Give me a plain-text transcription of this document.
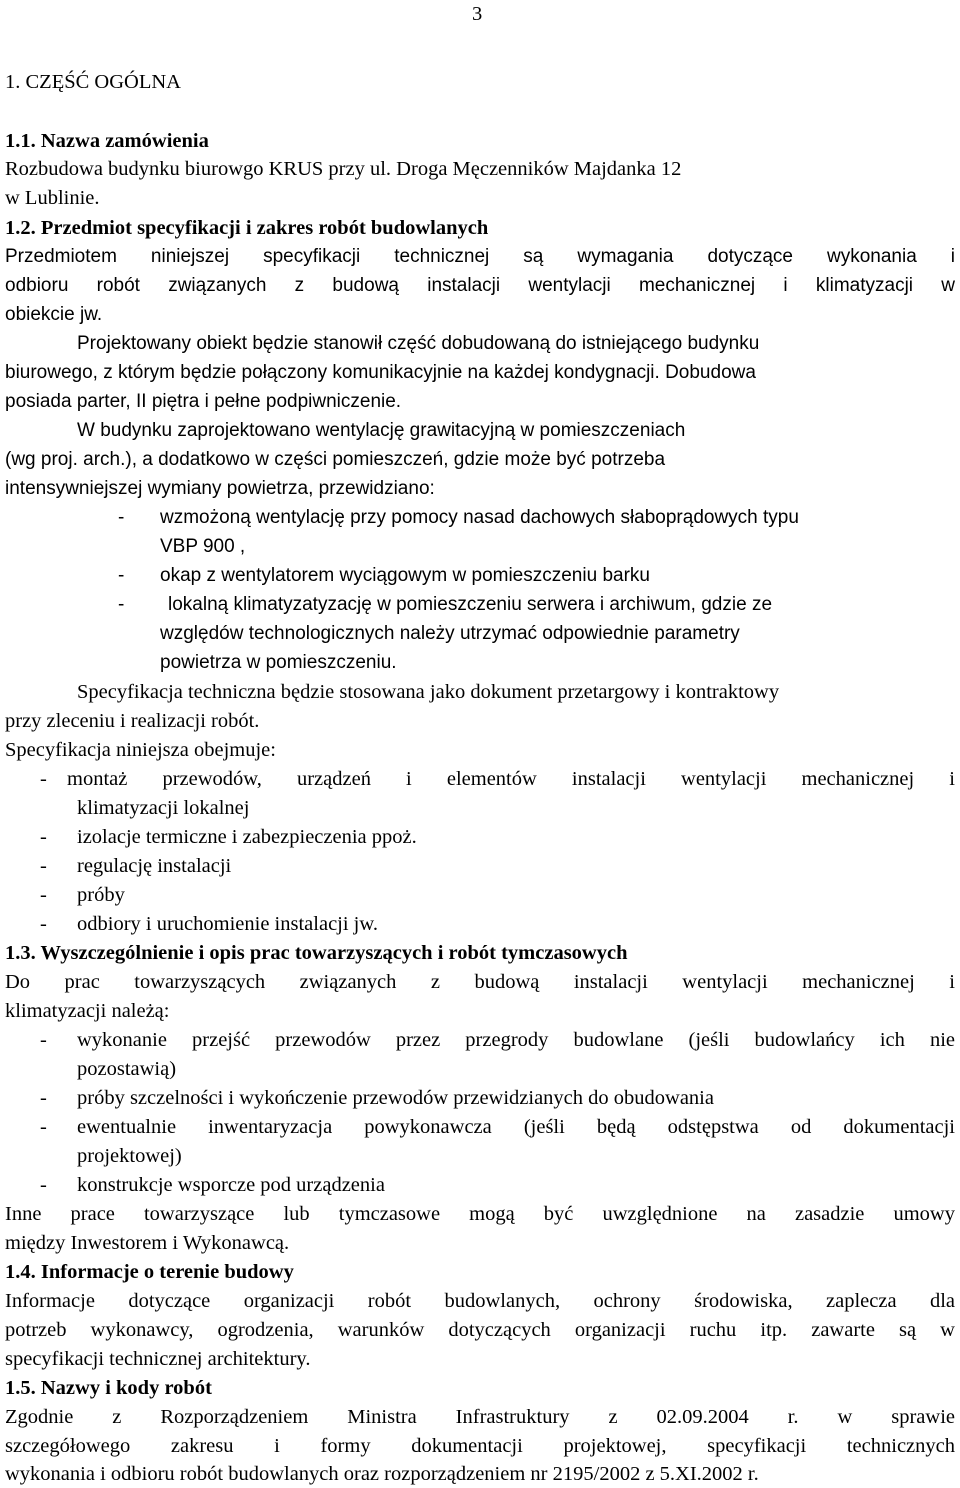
3
1. CZĘŚĆ OGÓLNA
1.1. Nazwa zamówienia
Rozbudowa budynku biurowgo KRUS przy ul. Droga Męczenników Majdanka 12
w Lublinie.
1.2. Przedmiot specyfikacji i zakres robót budowlanych
Przedmiotem niniejszej specyfikacji technicznej są wymagania dotyczące wykonania i
odbioru robót związanych z budową instalacji wentylacji mechanicznej i klimatyzacji w
obiekcie jw.
Projektowany obiekt będzie stanowił część dobudowaną do istniejącego budynku
biurowego, z którym będzie połączony komunikacyjnie na każdej kondygnacji. Dobudowa
posiada parter, II piętra i pełne podpiwniczenie.
W budynku zaprojektowano wentylację grawitacyjną w pomieszczeniach
(wg proj. arch.), a dodatkowo w części pomieszczeń, gdzie może być potrzeba
intensywniejszej wymiany powietrza, przewidziano:
-	wzmożoną wentylację przy pomocy nasad dachowych słaboprądowych typu
VBP 900 ,
-	okap z wentylatorem wyciągowym w pomieszczeniu barku
-	lokalną klimatyzatyzację w pomieszczeniu serwera i archiwum, gdzie ze
względów technologicznych należy utrzymać odpowiednie parametry
powietrza w pomieszczeniu.
Specyfikacja techniczna będzie stosowana jako dokument przetargowy i kontraktowy
przy zleceniu i realizacji robót.
Specyfikacja niniejsza obejmuje:
- montaż przewodów, urządzeń i elementów instalacji wentylacji mechanicznej i
klimatyzacji lokalnej
-	izolacje termiczne i zabezpieczenia ppoż.
-	regulację instalacji
-	próby
-	odbiory i uruchomienie instalacji jw.
1.3. Wyszczególnienie i opis prac towarzyszących i robót tymczasowych
Do prac towarzyszących związanych z budową instalacji wentylacji mechanicznej i
klimatyzacji należą:
-	wykonanie przejść przewodów przez przegrody budowlane (jeśli budowlańcy ich nie
pozostawią)
-	próby szczelności i wykończenie przewodów przewidzianych do obudowania
-	ewentualnie inwentaryzacja powykonawcza (jeśli będą odstępstwa od dokumentacji
projektowej)
-	konstrukcje wsporcze pod urządzenia
Inne prace towarzyszące lub tymczasowe mogą być uwzględnione na zasadzie umowy
między Inwestorem i Wykonawcą.
1.4. Informacje o terenie budowy
Informacje dotyczące organizacji robót budowlanych, ochrony środowiska, zaplecza dla
potrzeb wykonawcy, ogrodzenia, warunków dotyczących organizacji ruchu itp. zawarte są w
specyfikacji technicznej architektury.
1.5. Nazwy i kody robót
Zgodnie z Rozporządzeniem Ministra Infrastruktury z 02.09.2004 r. w sprawie
szczegółowego zakresu i formy dokumentacji projektowej, specyfikacji technicznych
wykonania i odbioru robót budowlanych oraz rozporządzeniem nr 2195/2002 z 5.XI.2002 r.
